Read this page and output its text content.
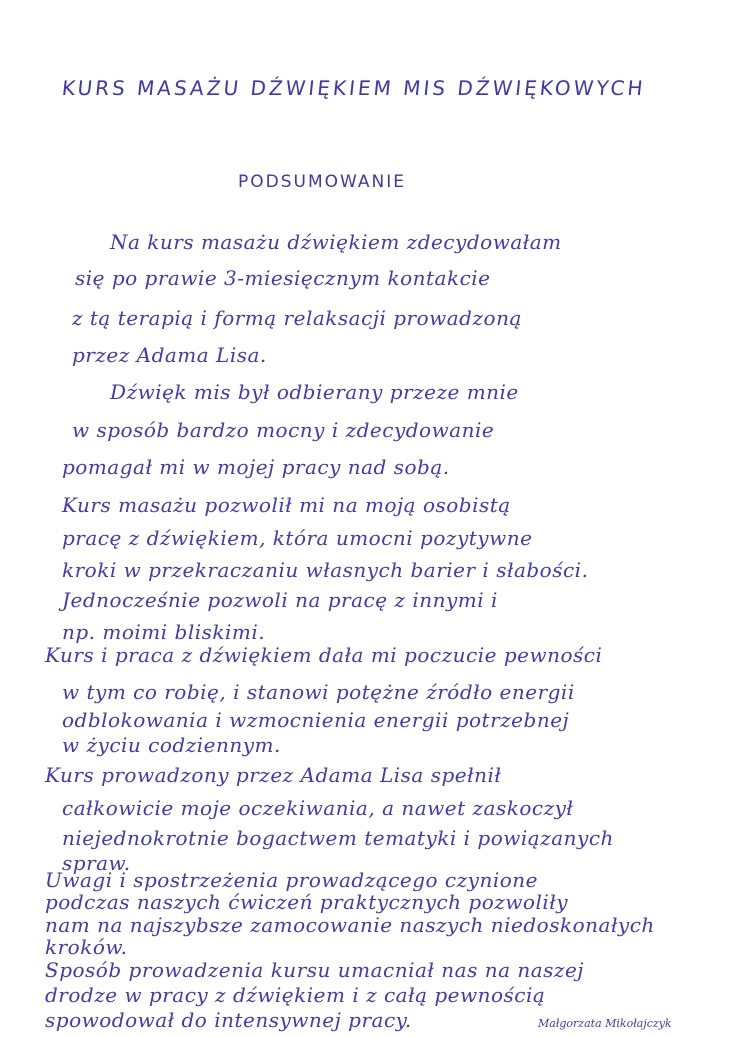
KURS MASAŻU DŹWIĘKIEM MIS DŹWIĘKOWYCH
PODSUMOWANIE
Na kurs masażu dźwiękiem zdecydowałam
się po prawie 3-miesięcznym kontakcie
z tą terapią i formą relaksacji prowadzoną
przez Adama Lisa.
Dźwięk mis był odbierany przeze mnie
w sposób bardzo mocny i zdecydowanie
pomagał mi w mojej pracy nad sobą.
Kurs masażu pozwolił mi na moją osobistą
pracę z dźwiękiem, która umocni pozytywne
kroki w przekraczaniu własnych barier i słabości.
Jednocześnie pozwoli na pracę z innymi i
np. moimi bliskimi.
Kurs i praca z dźwiękiem dała mi poczucie pewności
w tym co robię, i stanowi potężne źródło energii
odblokowania i wzmocnienia energii potrzebnej
w życiu codziennym.
Kurs prowadzony przez Adama Lisa spełnił
całkowicie moje oczekiwania, a nawet zaskoczył
niejednokrotnie bogactwem tematyki i powiązanych
spraw.
Uwagi i spostrzeżenia prowadzącego czynione
podczas naszych ćwiczeń praktycznych pozwoliły
nam na najszybsze zamocowanie naszych niedoskonałych
kroków.
Sposób prowadzenia kursu umacniał nas na naszej
drodze w pracy z dźwiękiem i z całą pewnością
spowodował do intensywnej pracy.	Małgorzata Mikołajczyk
